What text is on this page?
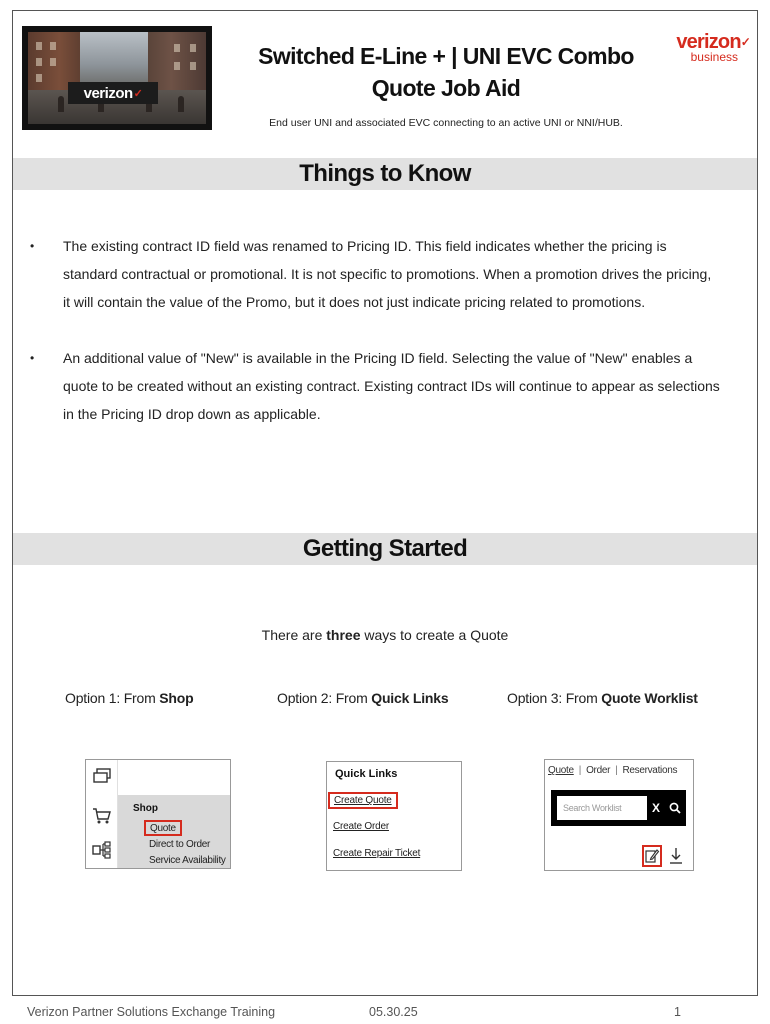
verizon ✓
Switched E-Line + | UNI EVC Combo
Quote Job Aid
End user UNI and associated EVC connecting to an active UNI or NNI/HUB.
verizon✓
business
Things to Know
•	The existing contract ID field was renamed to Pricing ID. This field indicates whether the pricing is standard contractual or promotional. It is not specific to promotions. When a promotion drives the pricing, it will contain the value of the Promo, but it does not just indicate pricing related to promotions.
•	An additional value of "New" is available in the Pricing ID field. Selecting the value of "New" enables a quote to be created without an existing contract. Existing contract IDs will continue to appear as selections in the Pricing ID drop down as applicable.
Getting Started
There are three ways to create a Quote
Option 1: From Shop	Option 2: From Quick Links	Option 3: From Quote Worklist
Shop
Quote
Direct to Order
Service Availability
Quick Links
Create Quote
Create Order
Create Repair Ticket
Quote | Order | Reservations
Search Worklist	X
Verizon Partner Solutions Exchange Training	05.30.25	1
